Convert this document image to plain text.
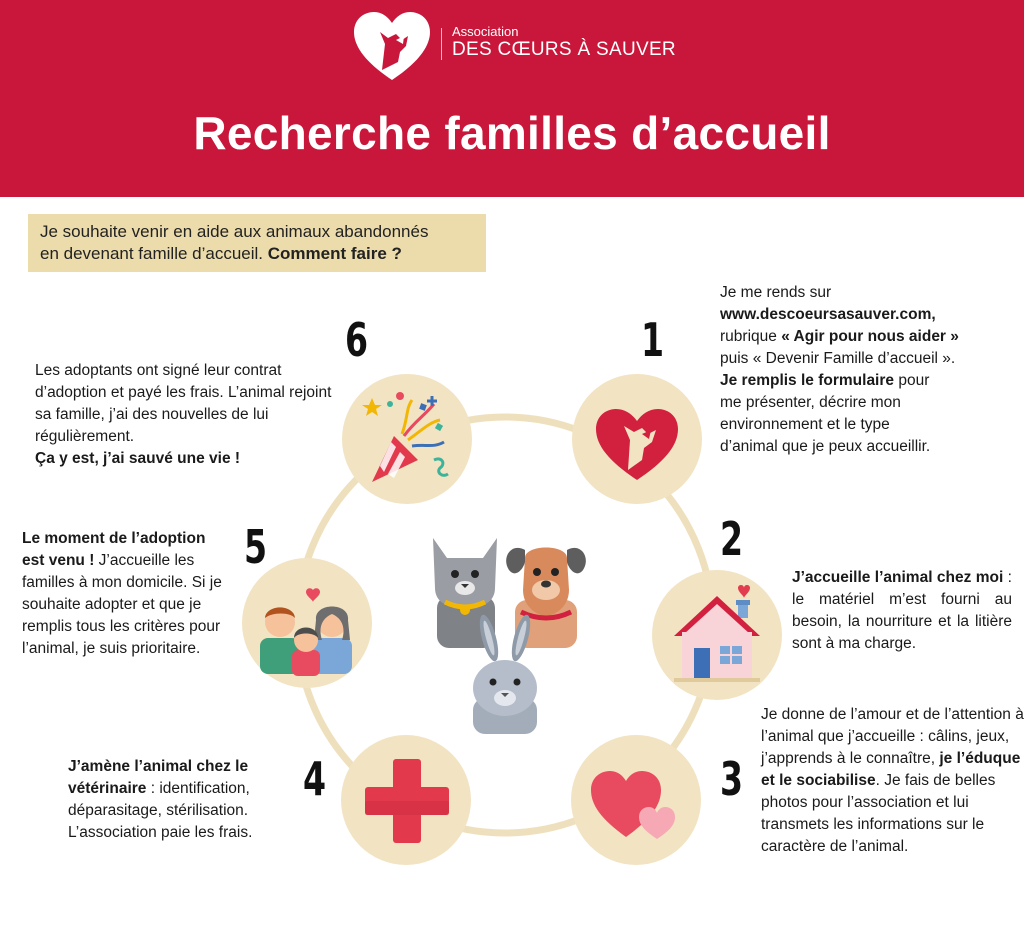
Association
DES CŒURS À SAUVER
Recherche familles d’accueil
Je souhaite venir en aide aux animaux abandonnés
en devenant famille d’accueil. Comment faire ?
1
2
3
4
5
6
Je me rends sur
www.descoeursasauver.com,
rubrique « Agir pour nous aider »
puis « Devenir Famille d’accueil ».
Je remplis le formulaire pour
me présenter, décrire mon
environnement et le type
d’animal que je peux accueillir.
J’accueille l’animal chez moi : le matériel m’est fourni au besoin, la nourriture et la litière sont à ma charge.
Je donne de l’amour et de l’attention à l’animal que j’accueille : câlins, jeux, j’apprends à le connaître, je l’éduque et le sociabilise. Je fais de belles photos pour l’association et lui transmets les informations sur le caractère de l’animal.
J’amène l’animal chez le vétérinaire : identification, déparasitage, stérilisation. L’association paie les frais.
Le moment de l’adoption est venu ! J’accueille les familles à mon domicile. Si je souhaite adopter et que je remplis tous les critères pour l’animal, je suis prioritaire.
Les adoptants ont signé leur contrat d’adoption et payé les frais. L’animal rejoint sa famille, j’ai des nouvelles de lui régulièrement.
Ça y est, j’ai sauvé une vie !
